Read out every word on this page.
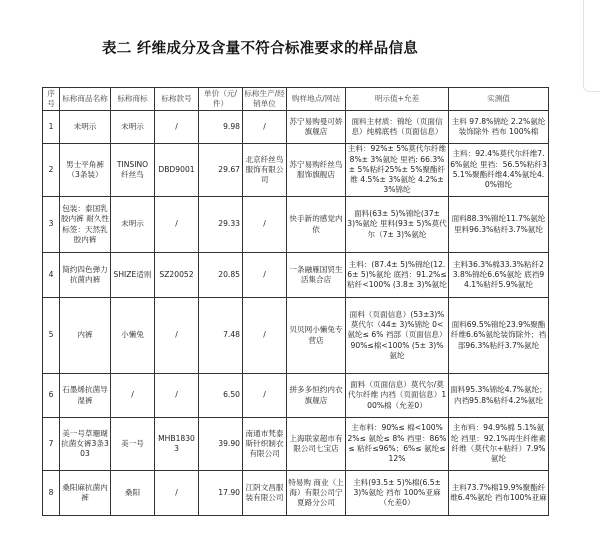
表二 纤维成分及含量不符合标准要求的样品信息
序号	标称商品名称	标称商标	标称款号	单价（元/件）	标称生产/经销单位	购样地点/网站	明示值+允差	实测值
1	未明示	未明示	/	9.98	/	苏宁易购曼可娇旗舰店	面料主材质：锦纶（页面信息）纯棉底档（页面信息）	主料 97.8%锦纶 2.2%氨纶装饰除外 裆布 100%棉
2	男士平角裤（3条装）	TINSINO 纤丝鸟	DBD9001	29.67	北京纤丝鸟服饰有限公司	苏宁易购纤丝鸟服饰旗舰店	主料：92%± 5%莫代尔纤维8%± 3%氨纶 里裆: 66.3%± 5%粘纤25%± 5%聚酯纤维 4.5%± 3%氨纶 4.2%± 3%锦纶	主料：92.4%莫代尔纤维7.6%氨纶 里裆：56.5%粘纤35.1%聚酯纤维4.4%氨纶4.0%锦纶
3	包装：泰国乳胶内裤 耐久性标签：天然乳胶内裤	未明示	/	29.33	/	快手新的感觉内依	面料(63± 5)%锦纶(37± 3)%氨纶 里料(93± 5)%莫代尔（7± 3)%氨纶	面料88.3%锦纶11.7%氨纶 里料96.3%粘纤3.7%氨纶
4	简约四色弹力抗菌内裤	SHIZE适则	SZ20052	20.85	/	一条融雁国贸生活集合店	主料：(87.4± 5)%锦纶(12.6± 5)%氨纶 底裆：91.2%≤ 粘纤<100% (3.8± 3)%氨纶	主料36.3%棉33.3%粘纤23.8%锦纶6.6%氨纶 底裆94.1%粘纤5.9%氨纶
5	内裤	小懒兔	/	7.48	/	贝贝网小懒兔专营店	面料（页面信息）(53±3)%莫代尔（44± 3)%锦纶 0<氨纶≤ 6% 裆部（页面信息）90%≤棉<100% (5± 3)%氨纶	面料69.5%锦纶23.9%聚酯纤维6.6%氨纶装饰除外；裆部96.3%粘纤3.7%氨纶
6	石墨烯抗菌导湿裤	/	/	6.50	/	拼多多恒约内衣旗舰店	面料（页面信息）莫代尔/莫代尔纤维 内裆（页面信息）100%棉（允差0）	面料95.3%锦纶4.7%氨纶；内裆95.8%粘纤4.2%氨纶
7	美一号草珊瑚抗菌女裤3条303	美一号	MHB18303	39.90	南通市梵泰斯针织制衣有限公司	上海联家超市有限公司七宝店	主布料：90%≤ 棉<100% 2%≤ 氨纶≤ 8% 裆里：86%≤ 粘纤≤96%；6%≤ 氨纶≤ 12%	主布料：94.9%棉 5.1%氨纶 裆里：92.1%再生纤维素纤维（莫代尔+粘纤）7.9% 氨纶
8	桑阳麻抗菌内裤	桑阳	/	17.90	江阴文昌服装有限公司	特易购 商业（上海）有限公司宁夏路分公司	主料(93.5± 5)%棉(6.5± 3)%氨纶 裆布 100%亚麻（允差0）	主料73.7%棉19.9%聚酯纤维6.4%氨纶 裆布100%亚麻
